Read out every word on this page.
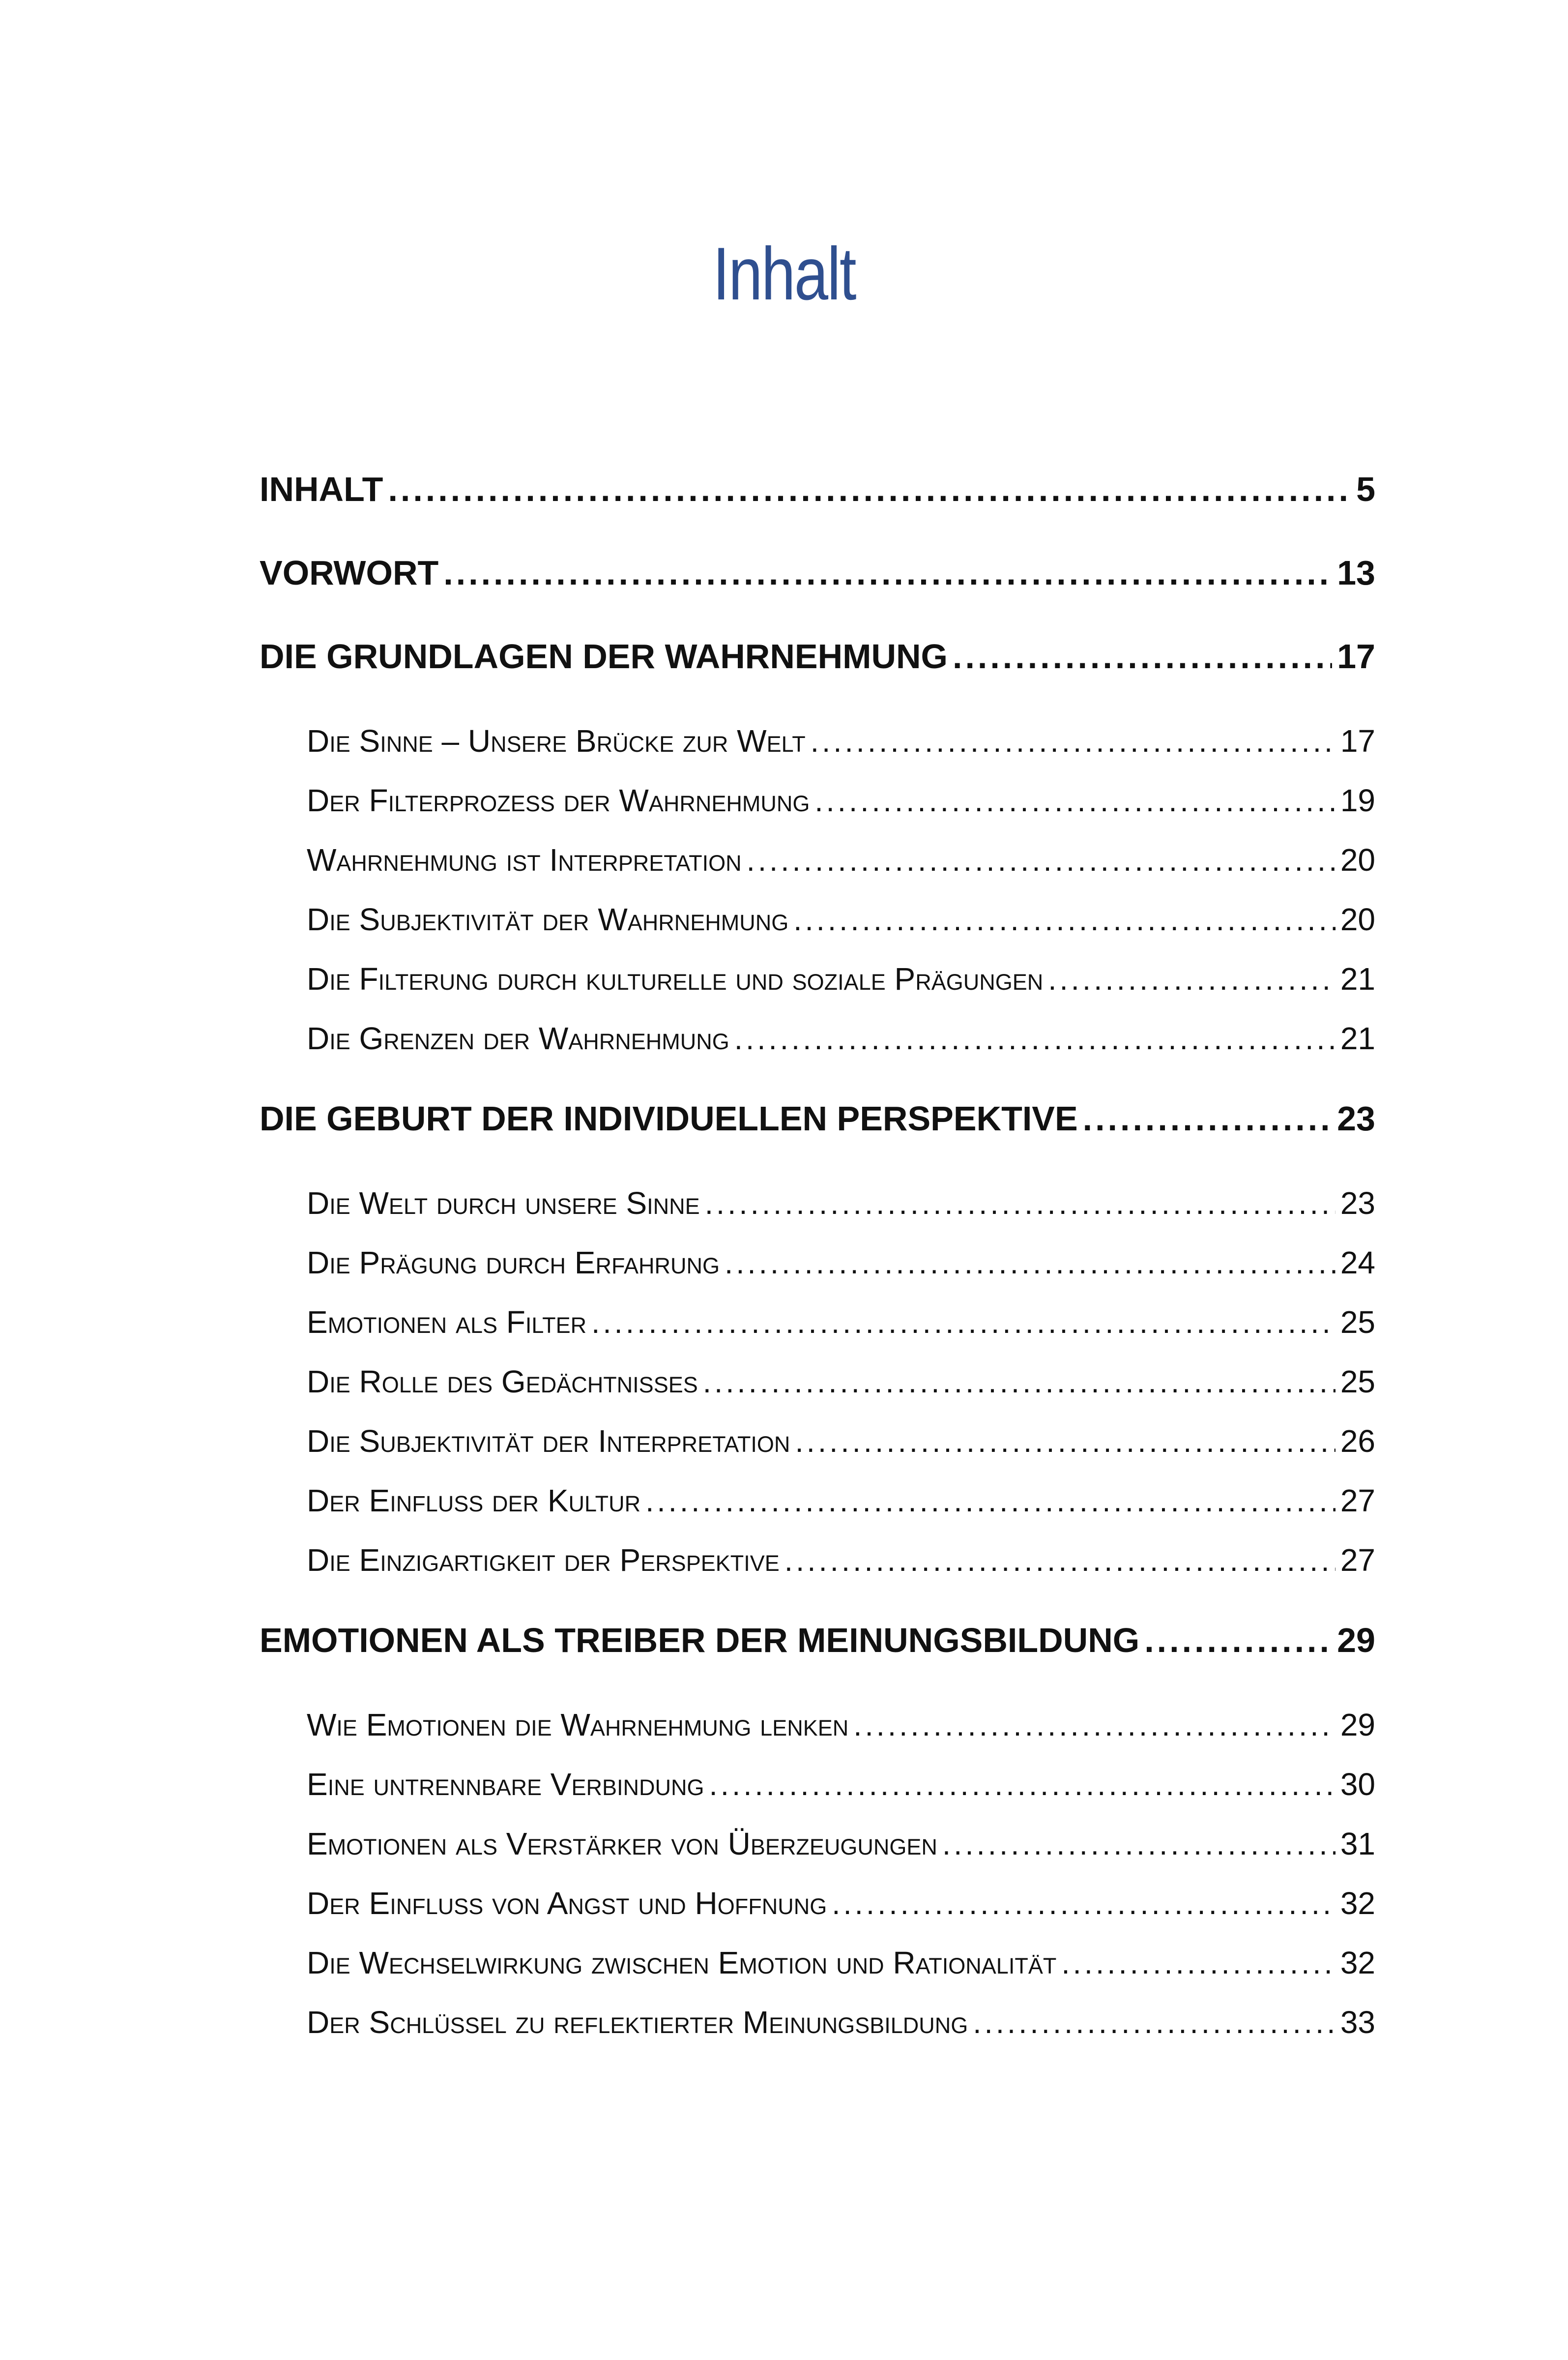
Inhalt
INHALT .....	5
VORWORT .....	13
DIE GRUNDLAGEN DER WAHRNEHMUNG .....	17
Die Sinne – Unsere Brücke zur Welt .....	17
Der Filterprozess der Wahrnehmung .....	19
Wahrnehmung ist Interpretation .....	20
Die Subjektivität der Wahrnehmung .....	20
Die Filterung durch kulturelle und soziale Prägungen .....	21
Die Grenzen der Wahrnehmung .....	21
DIE GEBURT DER INDIVIDUELLEN PERSPEKTIVE .....	23
Die Welt durch unsere Sinne .....	23
Die Prägung durch Erfahrung .....	24
Emotionen als Filter .....	25
Die Rolle des Gedächtnisses .....	25
Die Subjektivität der Interpretation .....	26
Der Einfluss der Kultur .....	27
Die Einzigartigkeit der Perspektive .....	27
EMOTIONEN ALS TREIBER DER MEINUNGSBILDUNG .....	29
Wie Emotionen die Wahrnehmung lenken .....	29
Eine untrennbare Verbindung .....	30
Emotionen als Verstärker von Überzeugungen .....	31
Der Einfluss von Angst und Hoffnung .....	32
Die Wechselwirkung zwischen Emotion und Rationalität .....	32
Der Schlüssel zu reflektierter Meinungsbildung .....	33
